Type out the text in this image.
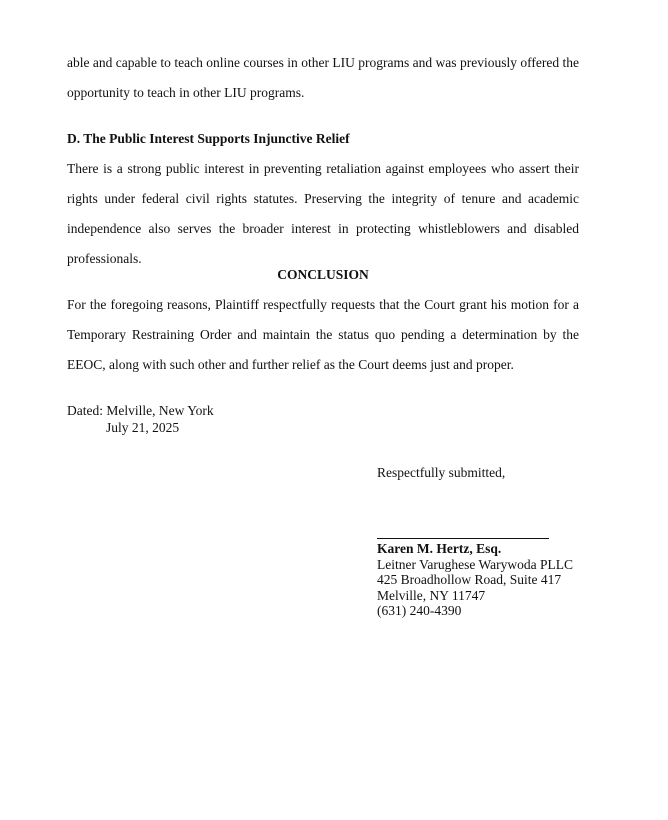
able and capable to teach online courses in other LIU programs and was previously offered the opportunity to teach in other LIU programs.
D. The Public Interest Supports Injunctive Relief
There is a strong public interest in preventing retaliation against employees who assert their rights under federal civil rights statutes. Preserving the integrity of tenure and academic independence also serves the broader interest in protecting whistleblowers and disabled professionals.
CONCLUSION
For the foregoing reasons, Plaintiff respectfully requests that the Court grant his motion for a Temporary Restraining Order and maintain the status quo pending a determination by the EEOC, along with such other and further relief as the Court deems just and proper.
Dated: Melville, New York
July 21, 2025
Respectfully submitted,
Karen M. Hertz, Esq.
Leitner Varughese Warywoda PLLC
425 Broadhollow Road, Suite 417
Melville, NY 11747
(631) 240-4390
